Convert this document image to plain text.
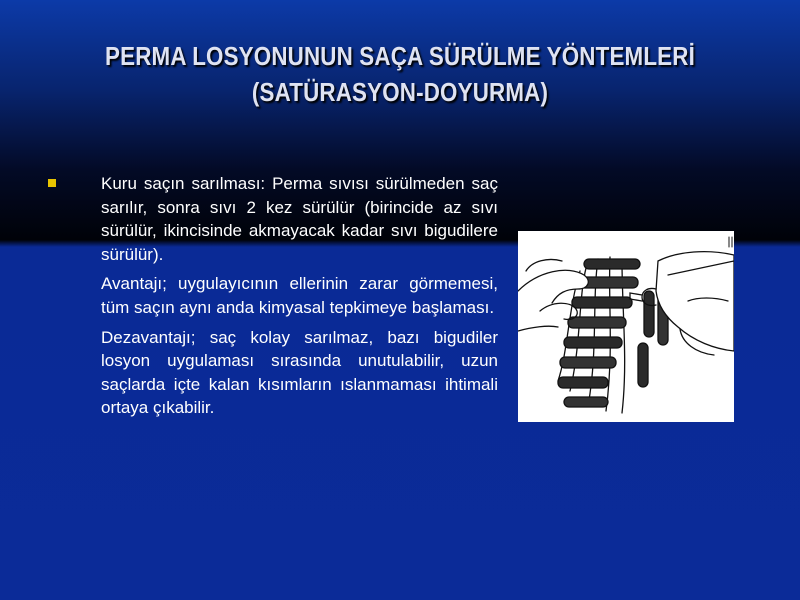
PERMA LOSYONUNUN SAÇA SÜRÜLME YÖNTEMLERİ
(SATÜRASYON-DOYURMA)

Kuru saçın sarılması: Perma sıvısı sürülmeden saç sarılır, sonra sıvı 2 kez sürülür (birincide az sıvı sürülür, ikincisinde akmayacak kadar sıvı bigudilere sürülür).

Avantajı; uygulayıcının ellerinin zarar görmemesi, tüm saçın aynı anda kimyasal tepkimeye başlaması.

Dezavantajı; saç kolay sarılmaz, bazı bigudiler losyon uygulaması sırasında unutulabilir, uzun saçlarda içte kalan kısımların ıslanmaması ihtimali ortaya çıkabilir.
